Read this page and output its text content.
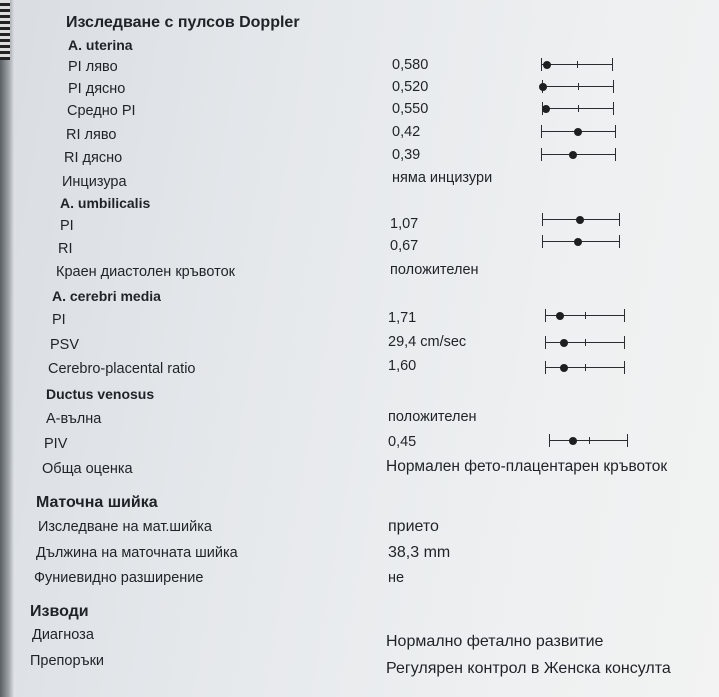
Изследване с пулсов Doppler
A. uterina
PI ляво	0,580
PI дясно	0,520
Средно PI	0,550
RI ляво	0,42
RI дясно	0,39
Инцизура	няма инцизури
A. umbilicalis
PI	1,07
RI	0,67
Краен диастолен кръвоток	положителен
A. cerebri media
PI	1,71
PSV	29,4 cm/sec
Cerebro-placental ratio	1,60
Ductus venosus
А-вълна	положителен
PIV	0,45
Обща оценка	Нормален фето-плацентарен кръвоток
Маточна шийка
Изследване на мат.шийка	прието
Дължина на маточната шийка	38,3 mm
Фуниевидно разширение	не
Изводи
Диагноза	Нормално фетално развитие
Препоръки	Регулярен контрол в Женска консулта
